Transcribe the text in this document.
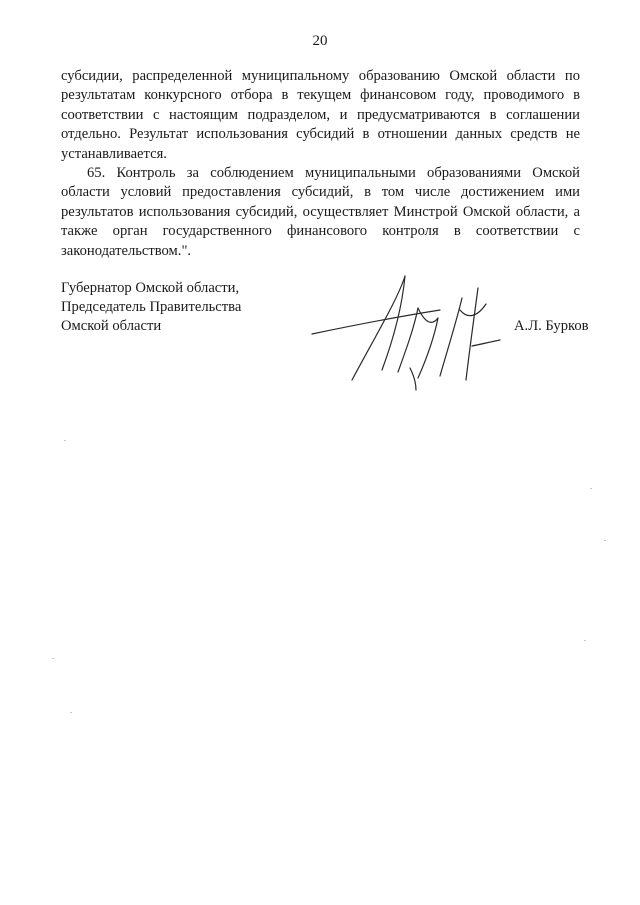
20

субсидии, распределенной муниципальному образованию Омской области по результатам конкурсного отбора в текущем финансовом году, проводимого в соответствии с настоящим подразделом, и предусматриваются в соглашении отдельно. Результат использования субсидий в отношении данных средств не устанавливается.

65. Контроль за соблюдением муниципальными образованиями Омской области условий предоставления субсидий, в том числе достижением ими результатов использования субсидий, осуществляет Минстрой Омской области, а также орган государственного финансового контроля в соответствии с законодательством.".

Губернатор Омской области,
Председатель Правительства
Омской области	А.Л. Бурков
